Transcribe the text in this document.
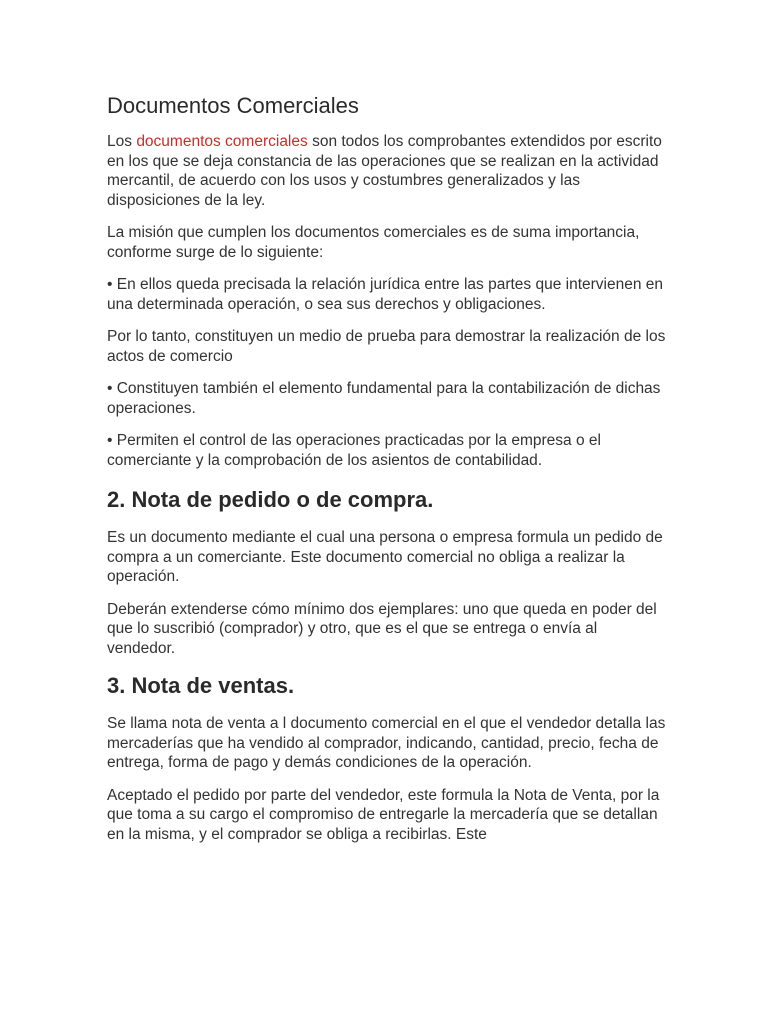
Documentos Comerciales

Los documentos comerciales son todos los comprobantes extendidos por escrito en los que se deja constancia de las operaciones que se realizan en la actividad mercantil, de acuerdo con los usos y costumbres generalizados y las disposiciones de la ley.

La misión que cumplen los documentos comerciales es de suma importancia, conforme surge de lo siguiente:

• En ellos queda precisada la relación jurídica entre las partes que intervienen en una determinada operación, o sea sus derechos y obligaciones.

Por lo tanto, constituyen un medio de prueba para demostrar la realización de los actos de comercio

• Constituyen también el elemento fundamental para la contabilización de dichas operaciones.

• Permiten el control de las operaciones practicadas por la empresa o el comerciante y la comprobación de los asientos de contabilidad.

2. Nota de pedido o de compra.

Es un documento mediante el cual una persona o empresa formula un pedido de compra a un comerciante. Este documento comercial no obliga a realizar la operación.

Deberán extenderse cómo mínimo dos ejemplares: uno que queda en poder del que lo suscribió (comprador) y otro, que es el que se entrega o envía al vendedor.

3. Nota de ventas.

Se llama nota de venta a l documento comercial en el que el vendedor detalla las mercaderías que ha vendido al comprador, indicando, cantidad, precio, fecha de entrega, forma de pago y demás condiciones de la operación.

Aceptado el pedido por parte del vendedor, este formula la Nota de Venta, por la que toma a su cargo el compromiso de entregarle la mercadería que se detallan en la misma, y el comprador se obliga a recibirlas. Este
